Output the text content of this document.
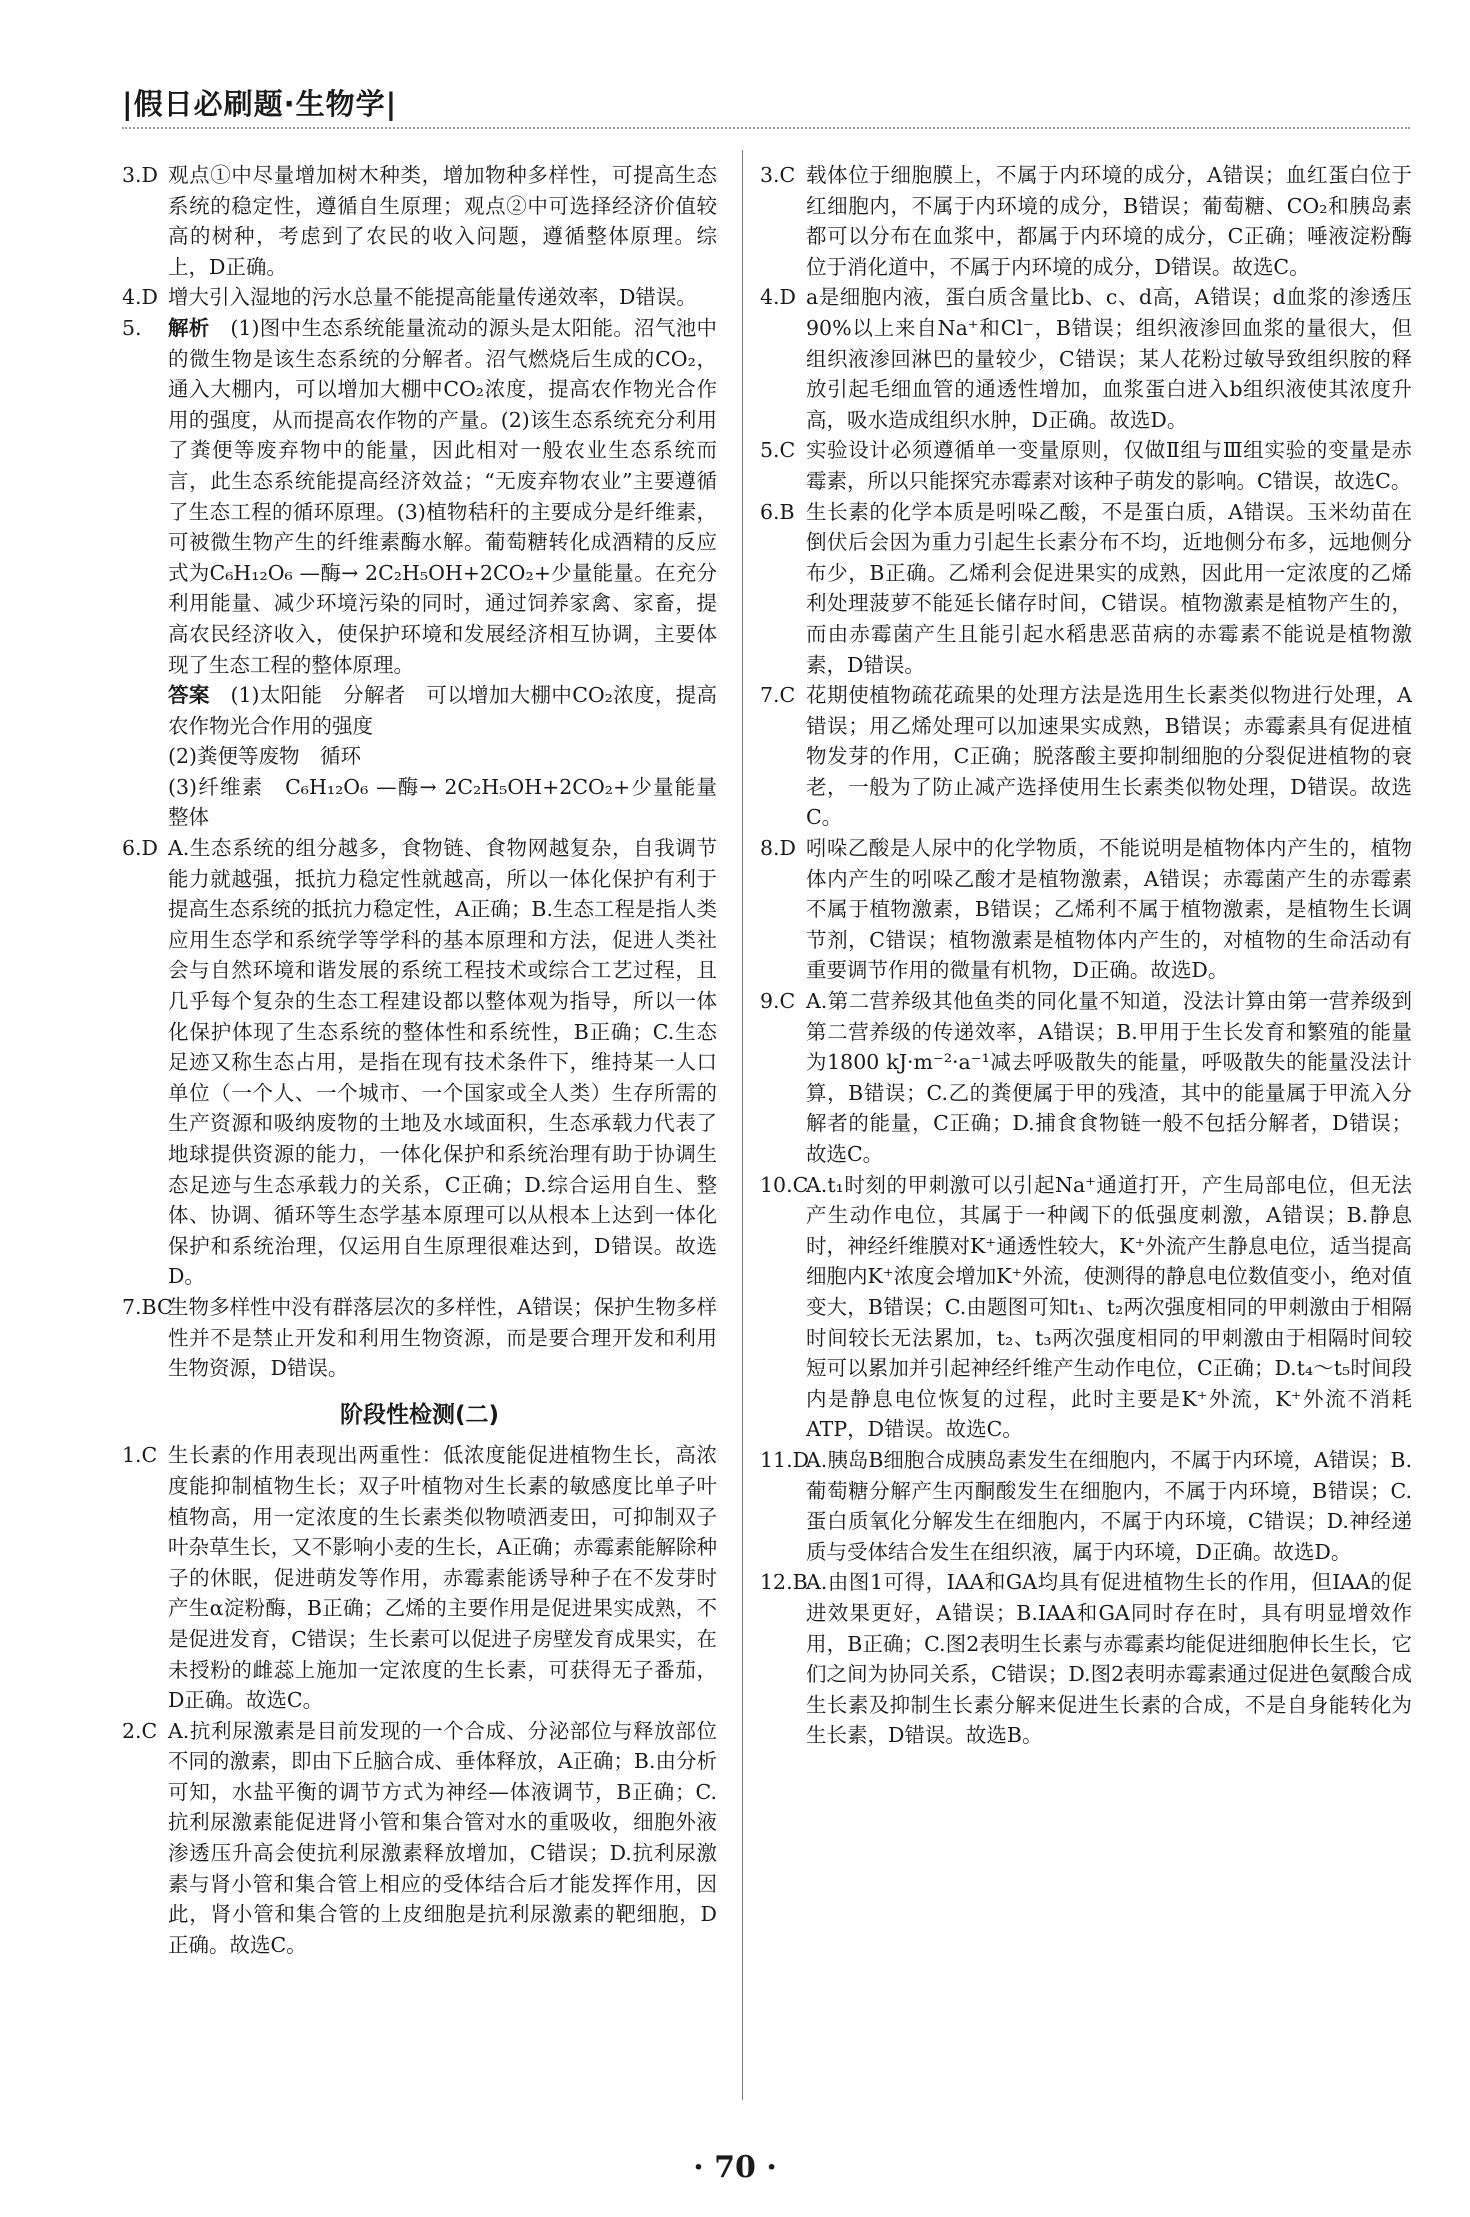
|假日必刷题·生物学|
3.D 观点①中尽量增加树木种类，增加物种多样性，可提高生态系统的稳定性，遵循自生原理；观点②中可选择经济价值较高的树种，考虑到了农民的收入问题，遵循整体原理。综上，D正确。
4.D 增大引入湿地的污水总量不能提高能量传递效率，D错误。
5.	解析　 (1)图中生态系统能量流动的源头是太阳能。沼气池中的微生物是该生态系统的分解者。沼气燃烧后生成的CO₂，通入大棚内，可以增加大棚中CO₂浓度，提高农作物光合作用的强度，从而提高农作物的产量。(2)该生态系统充分利用了粪便等废弃物中的能量，因此相对一般农业生态系统而言，此生态系统能提高经济效益；“无废弃物农业”主要遵循了生态工程的循环原理。(3)植物秸秆的主要成分是纤维素，可被微生物产生的纤维素酶水解。葡萄糖转化成酒精的反应式为C₆H₁₂O₆ —酶→ 2C₂H₅OH+2CO₂+少量能量。在充分利用能量、减少环境污染的同时，通过饲养家禽、家畜，提高农民经济收入，使保护环境和发展经济相互协调，主要体现了生态工程的整体原理。

答案　 (1)太阳能　分解者　可以增加大棚中CO₂浓度，提高农作物光合作用的强度

(2)粪便等废物　循环

(3)纤维素　C₆H₁₂O₆ —酶→ 2C₂H₅OH+2CO₂+少量能量　整体

6.D A.生态系统的组分越多，食物链、食物网越复杂，自我调节能力就越强，抵抗力稳定性就越高，所以一体化保护有利于提高生态系统的抵抗力稳定性，A正确；B.生态工程是指人类应用生态学和系统学等学科的基本原理和方法，促进人类社会与自然环境和谐发展的系统工程技术或综合工艺过程，且几乎每个复杂的生态工程建设都以整体观为指导，所以一体化保护体现了生态系统的整体性和系统性，B正确；C.生态足迹又称生态占用，是指在现有技术条件下，维持某一人口单位（一个人、一个城市、一个国家或全人类）生存所需的生产资源和吸纳废物的土地及水域面积，生态承载力代表了地球提供资源的能力，一体化保护和系统治理有助于协调生态足迹与生态承载力的关系，C正确；D.综合运用自生、整体、协调、循环等生态学基本原理可以从根本上达到一体化保护和系统治理，仅运用自生原理很难达到，D错误。故选D。
7.BC
生物多样性中没有群落层次的多样性，A错误；保护生物多样性并不是禁止开发和利用生物资源，而是要合理开发和利用生物资源，D错误。
阶段性检测(二)
1.C 生长素的作用表现出两重性：低浓度能促进植物生长，高浓度能抑制植物生长；双子叶植物对生长素的敏感度比单子叶植物高，用一定浓度的生长素类似物喷洒麦田，可抑制双子叶杂草生长，又不影响小麦的生长，A正确；赤霉素能解除种子的休眠，促进萌发等作用，赤霉素能诱导种子在不发芽时产生α淀粉酶，B正确；乙烯的主要作用是促进果实成熟，不是促进发育，C错误；生长素可以促进子房壁发育成果实，在未授粉的雌蕊上施加一定浓度的生长素，可获得无子番茄，D正确。故选C。
2.C A.抗利尿激素是目前发现的一个合成、分泌部位与释放部位不同的激素，即由下丘脑合成、垂体释放，A正确；B.由分析可知，水盐平衡的调节方式为神经—体液调节，B正确；C.抗利尿激素能促进肾小管和集合管对水的重吸收，细胞外液渗透压升高会使抗利尿激素释放增加，C错误；D.抗利尿激素与肾小管和集合管上相应的受体结合后才能发挥作用，因此，肾小管和集合管的上皮细胞是抗利尿激素的靶细胞，D正确。故选C。
3.C 载体位于细胞膜上，不属于内环境的成分，A错误；血红蛋白位于红细胞内，不属于内环境的成分，B错误；葡萄糖、CO₂和胰岛素都可以分布在血浆中，都属于内环境的成分，C正确；唾液淀粉酶位于消化道中，不属于内环境的成分，D错误。故选C。
4.D a是细胞内液，蛋白质含量比b、c、d高，A错误；d血浆的渗透压90%以上来自Na⁺和Cl⁻，B错误；组织液渗回血浆的量很大，但组织液渗回淋巴的量较少，C错误；某人花粉过敏导致组织胺的释放引起毛细血管的通透性增加，血浆蛋白进入b组织液使其浓度升高，吸水造成组织水肿，D正确。故选D。
5.C 实验设计必须遵循单一变量原则，仅做Ⅱ组与Ⅲ组实验的变量是赤霉素，所以只能探究赤霉素对该种子萌发的影响。C错误，故选C。
6.B 生长素的化学本质是吲哚乙酸，不是蛋白质，A错误。玉米幼苗在倒伏后会因为重力引起生长素分布不均，近地侧分布多，远地侧分布少，B正确。乙烯利会促进果实的成熟，因此用一定浓度的乙烯利处理菠萝不能延长储存时间，C错误。植物激素是植物产生的，而由赤霉菌产生且能引起水稻患恶苗病的赤霉素不能说是植物激素，D错误。
7.C 花期使植物疏花疏果的处理方法是选用生长素类似物进行处理，A错误；用乙烯处理可以加速果实成熟，B错误；赤霉素具有促进植物发芽的作用，C正确；脱落酸主要抑制细胞的分裂促进植物的衰老，一般为了防止减产选择使用生长素类似物处理，D错误。故选C。
8.D 吲哚乙酸是人尿中的化学物质，不能说明是植物体内产生的，植物体内产生的吲哚乙酸才是植物激素，A错误；赤霉菌产生的赤霉素不属于植物激素，B错误；乙烯利不属于植物激素，是植物生长调节剂，C错误；植物激素是植物体内产生的，对植物的生命活动有重要调节作用的微量有机物，D正确。故选D。
9.C A.第二营养级其他鱼类的同化量不知道，没法计算由第一营养级到第二营养级的传递效率，A错误；B.甲用于生长发育和繁殖的能量为1800 kJ·m⁻²·a⁻¹减去呼吸散失的能量，呼吸散失的能量没法计算，B错误；C.乙的粪便属于甲的残渣，其中的能量属于甲流入分解者的能量，C正确；D.捕食食物链一般不包括分解者，D错误；故选C。
10.C
A.t₁时刻的甲刺激可以引起Na⁺通道打开，产生局部电位，但无法产生动作电位，其属于一种阈下的低强度刺激，A错误；B.静息时，神经纤维膜对K⁺通透性较大，K⁺外流产生静息电位，适当提高细胞内K⁺浓度会增加K⁺外流，使测得的静息电位数值变小，绝对值变大，B错误；C.由题图可知t₁、t₂两次强度相同的甲刺激由于相隔时间较长无法累加，t₂、t₃两次强度相同的甲刺激由于相隔时间较短可以累加并引起神经纤维产生动作电位，C正确；D.t₄～t₅时间段内是静息电位恢复的过程，此时主要是K⁺外流，K⁺外流不消耗ATP，D错误。故选C。
11.D
A.胰岛B细胞合成胰岛素发生在细胞内，不属于内环境，A错误；B.葡萄糖分解产生丙酮酸发生在细胞内，不属于内环境，B错误；C.蛋白质氧化分解发生在细胞内，不属于内环境，C错误；D.神经递质与受体结合发生在组织液，属于内环境，D正确。故选D。
12.B
A.由图1可得，IAA和GA均具有促进植物生长的作用，但IAA的促进效果更好，A错误；B.IAA和GA同时存在时，具有明显增效作用，B正确；C.图2表明生长素与赤霉素均能促进细胞伸长生长，它们之间为协同关系，C错误；D.图2表明赤霉素通过促进色氨酸合成生长素及抑制生长素分解来促进生长素的合成，不是自身能转化为生长素，D错误。故选B。
· 70 ·
